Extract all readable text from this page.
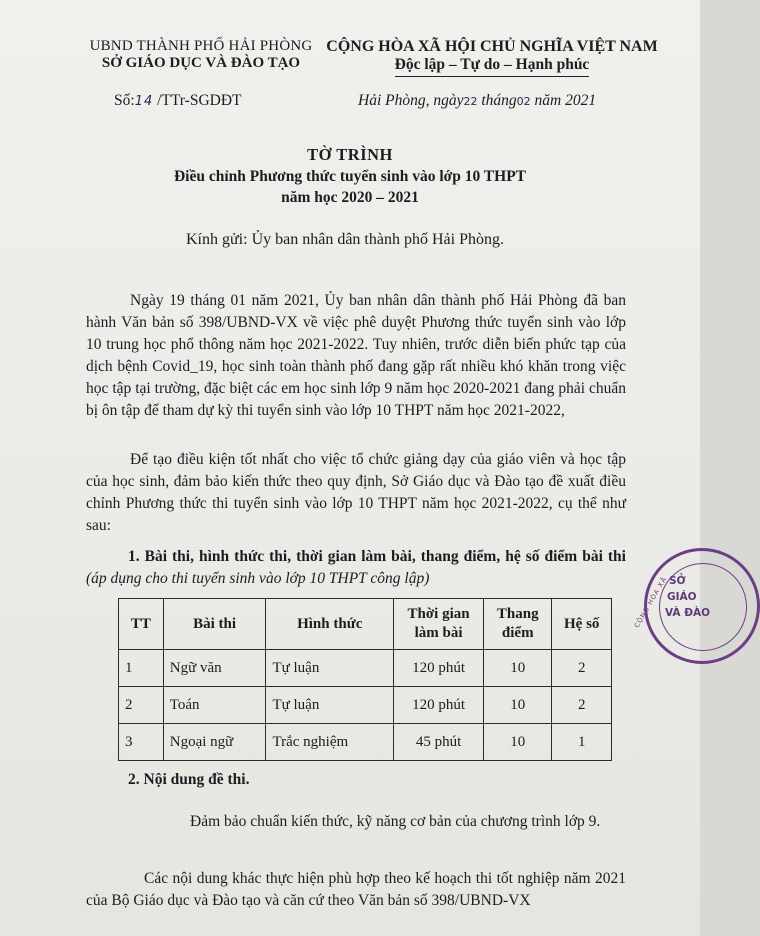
UBND THÀNH PHỐ HẢI PHÒNG
SỞ GIÁO DỤC VÀ ĐÀO TẠO
CỘNG HÒA XÃ HỘI CHỦ NGHĨA VIỆT NAM
Độc lập – Tự do – Hạnh phúc
Số:14 /TTr-SGDĐT	Hải Phòng, ngày22 tháng02 năm 2021
TỜ TRÌNH
Điều chỉnh Phương thức tuyển sinh vào lớp 10 THPT
năm học 2020 – 2021
Kính gửi: Ủy ban nhân dân thành phố Hải Phòng.
Ngày 19 tháng 01 năm 2021, Ủy ban nhân dân thành phố Hải Phòng đã ban hành Văn bản số 398/UBND-VX về việc phê duyệt Phương thức tuyển sinh vào lớp 10 trung học phổ thông năm học 2021-2022. Tuy nhiên, trước diễn biến phức tạp của dịch bệnh Covid_19, học sinh toàn thành phố đang gặp rất nhiều khó khăn trong việc học tập tại trường, đặc biệt các em học sinh lớp 9 năm học 2020-2021 đang phải chuẩn bị ôn tập để tham dự kỳ thi tuyển sinh vào lớp 10 THPT năm học 2021-2022,
Để tạo điều kiện tốt nhất cho việc tổ chức giảng dạy của giáo viên và học tập của học sinh, đảm bảo kiến thức theo quy định, Sở Giáo dục và Đào tạo đề xuất điều chỉnh Phương thức thi tuyển sinh vào lớp 10 THPT năm học 2021-2022, cụ thể như sau:
1. Bài thi, hình thức thi, thời gian làm bài, thang điểm, hệ số điểm bài thi (áp dụng cho thi tuyển sinh vào lớp 10 THPT công lập)
TT	Bài thi	Hình thức	Thời gian làm bài	Thang điểm	Hệ số
1	Ngữ văn	Tự luận	120 phút	10	2
2	Toán	Tự luận	120 phút	10	2
3	Ngoại ngữ	Trắc nghiệm	45 phút	10	1
2. Nội dung đề thi.
Đảm bảo chuẩn kiến thức, kỹ năng cơ bản của chương trình lớp 9.
Các nội dung khác thực hiện phù hợp theo kế hoạch thi tốt nghiệp năm 2021 của Bộ Giáo dục và Đào tạo và căn cứ theo Văn bản số 398/UBND-VX
CỘNG HÒA XÃ SỞ
GIÁO
VÀ ĐÀO
